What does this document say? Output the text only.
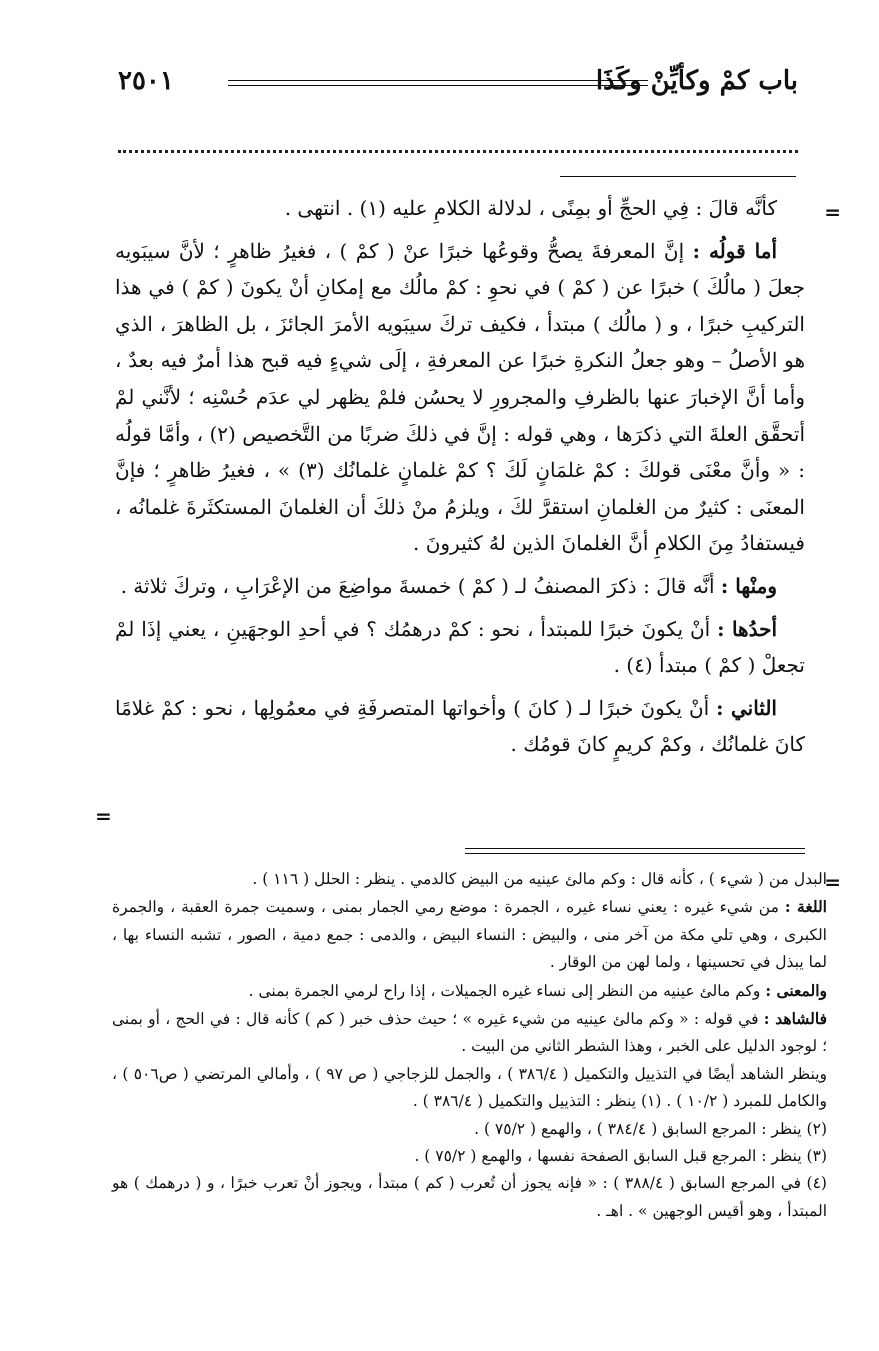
باب كمْ وكأيِّنْ وكَذَا
٢٥٠١
=
=
=

كأنَّه قالَ : فِي الحجِّ أو بمِنًى ، لدلالة الكلامِ عليه (١) . انتهى .

أما قولُه : إنَّ المعرفةَ يصحُّ وقوعُها خبرًا عنْ ( كمْ ) ، فغيرُ ظاهرٍ ؛ لأنَّ سيبَويه جعلَ ( مالُكَ ) خبرًا عن ( كمْ ) في نحوِ : كمْ مالُك مع إمكانِ أنْ يكونَ ( كمْ ) في هذا التركيبِ خبرًا ، و ( مالُك ) مبتدأ ، فكيف تركَ سيبَويه الأمرَ الجائزَ ، بل الظاهرَ ، الذي هو الأصلُ – وهو جعلُ النكرةِ خبرًا عن المعرفةِ ، إلَى شيءٍ فيه قبح هذا أمرٌ فيه بعدٌ ، وأما أنَّ الإخبارَ عنها بالظرفِ والمجرورِ لا يحسُن فلمْ يظهر لي عدَم حُسْنِه ؛ لأنَّني لمْ أتحقَّق العلةَ التي ذكرَها ، وهي قوله : إنَّ في ذلكَ ضربًا من التَّخصيص (٢) ، وأمَّا قولُه : « وأنَّ معْنَى قولكَ : كمْ غلمَانٍ لَكَ ؟ كمْ غلمانٍ غلمانُك (٣) » ، فغيرُ ظاهرٍ ؛ فإنَّ المعنَى : كثيرٌ من الغلمانِ استقرَّ لكَ ، ويلزمُ منْ ذلكَ أن الغلمانَ المستكثَرةَ غلمانُه ، فيستفادُ مِنَ الكلامِ أنَّ الغلمانَ الذين لهُ كثيرونَ .

ومنْها : أنَّه قالَ : ذكرَ المصنفُ لـ ( كمْ ) خمسةَ مواضِعَ من الإعْرَابِ ، وتركَ ثلاثة .

أحدُها : أنْ يكونَ خبرًا للمبتدأ ، نحو : كمْ درهمُك ؟ في أحدِ الوجهَينِ ، يعني إذَا لمْ تجعلْ ( كمْ ) مبتدأ (٤) .

الثاني : أنْ يكونَ خبرًا لـ ( كانَ ) وأخواتها المتصرفَةِ في معمُولِها ، نحو : كمْ غلامًا كانَ غلمانُك ، وكمْ كريمٍ كانَ قومُك .

البدل من ( شيء ) ، كأنه قال : وكم مالئ عينيه من البيض كالدمي . ينظر : الحلل ( ١١٦ ) .

اللغة : من شيء غيره : يعني نساء غيره ، الجمرة : موضع رمي الجمار بمنى ، وسميت جمرة العقبة ، والجمرة الكبرى ، وهي تلي مكة من آخر منى ، والبيض : النساء البيض ، والدمى : جمع دمية ، الصور ، تشبه النساء بها ، لما يبذل في تحسينها ، ولما لهن من الوقار .

والمعنى : وكم مالئ عينيه من النظر إلى نساء غيره الجميلات ، إذا راح لرمي الجمرة بمنى .

فالشاهد : في قوله : « وكم مالئ عينيه من شيء غيره » ؛ حيث حذف خبر ( كم ) كأنه قال : في الحج ، أو بمنى ؛ لوجود الدليل على الخبر ، وهذا الشطر الثاني من البيت .

وينظر الشاهد أيضًا في التذييل والتكميل ( ٣٨٦/٤ ) ، والجمل للزجاجي ( ص ٩٧ ) ، وأمالي المرتضي ( ص٥٠٦ ) ، والكامل للمبرد ( ١٠/٢ ) . (١) ينظر : التذييل والتكميل ( ٣٨٦/٤ ) .

(٢) ينظر : المرجع السابق ( ٣٨٤/٤ ) ، والهمع ( ٧٥/٢ ) .

(٣) ينظر : المرجع قبل السابق الصفحة نفسها ، والهمع ( ٧٥/٢ ) .

(٤) في المرجع السابق ( ٣٨٨/٤ ) : « فإنه يجوز أن تُعرب ( كم ) مبتدأ ، ويجوز أنْ تعرب خبرًا ، و ( درهمك ) هو المبتدأ ، وهو أقيس الوجهين » . اهـ .
